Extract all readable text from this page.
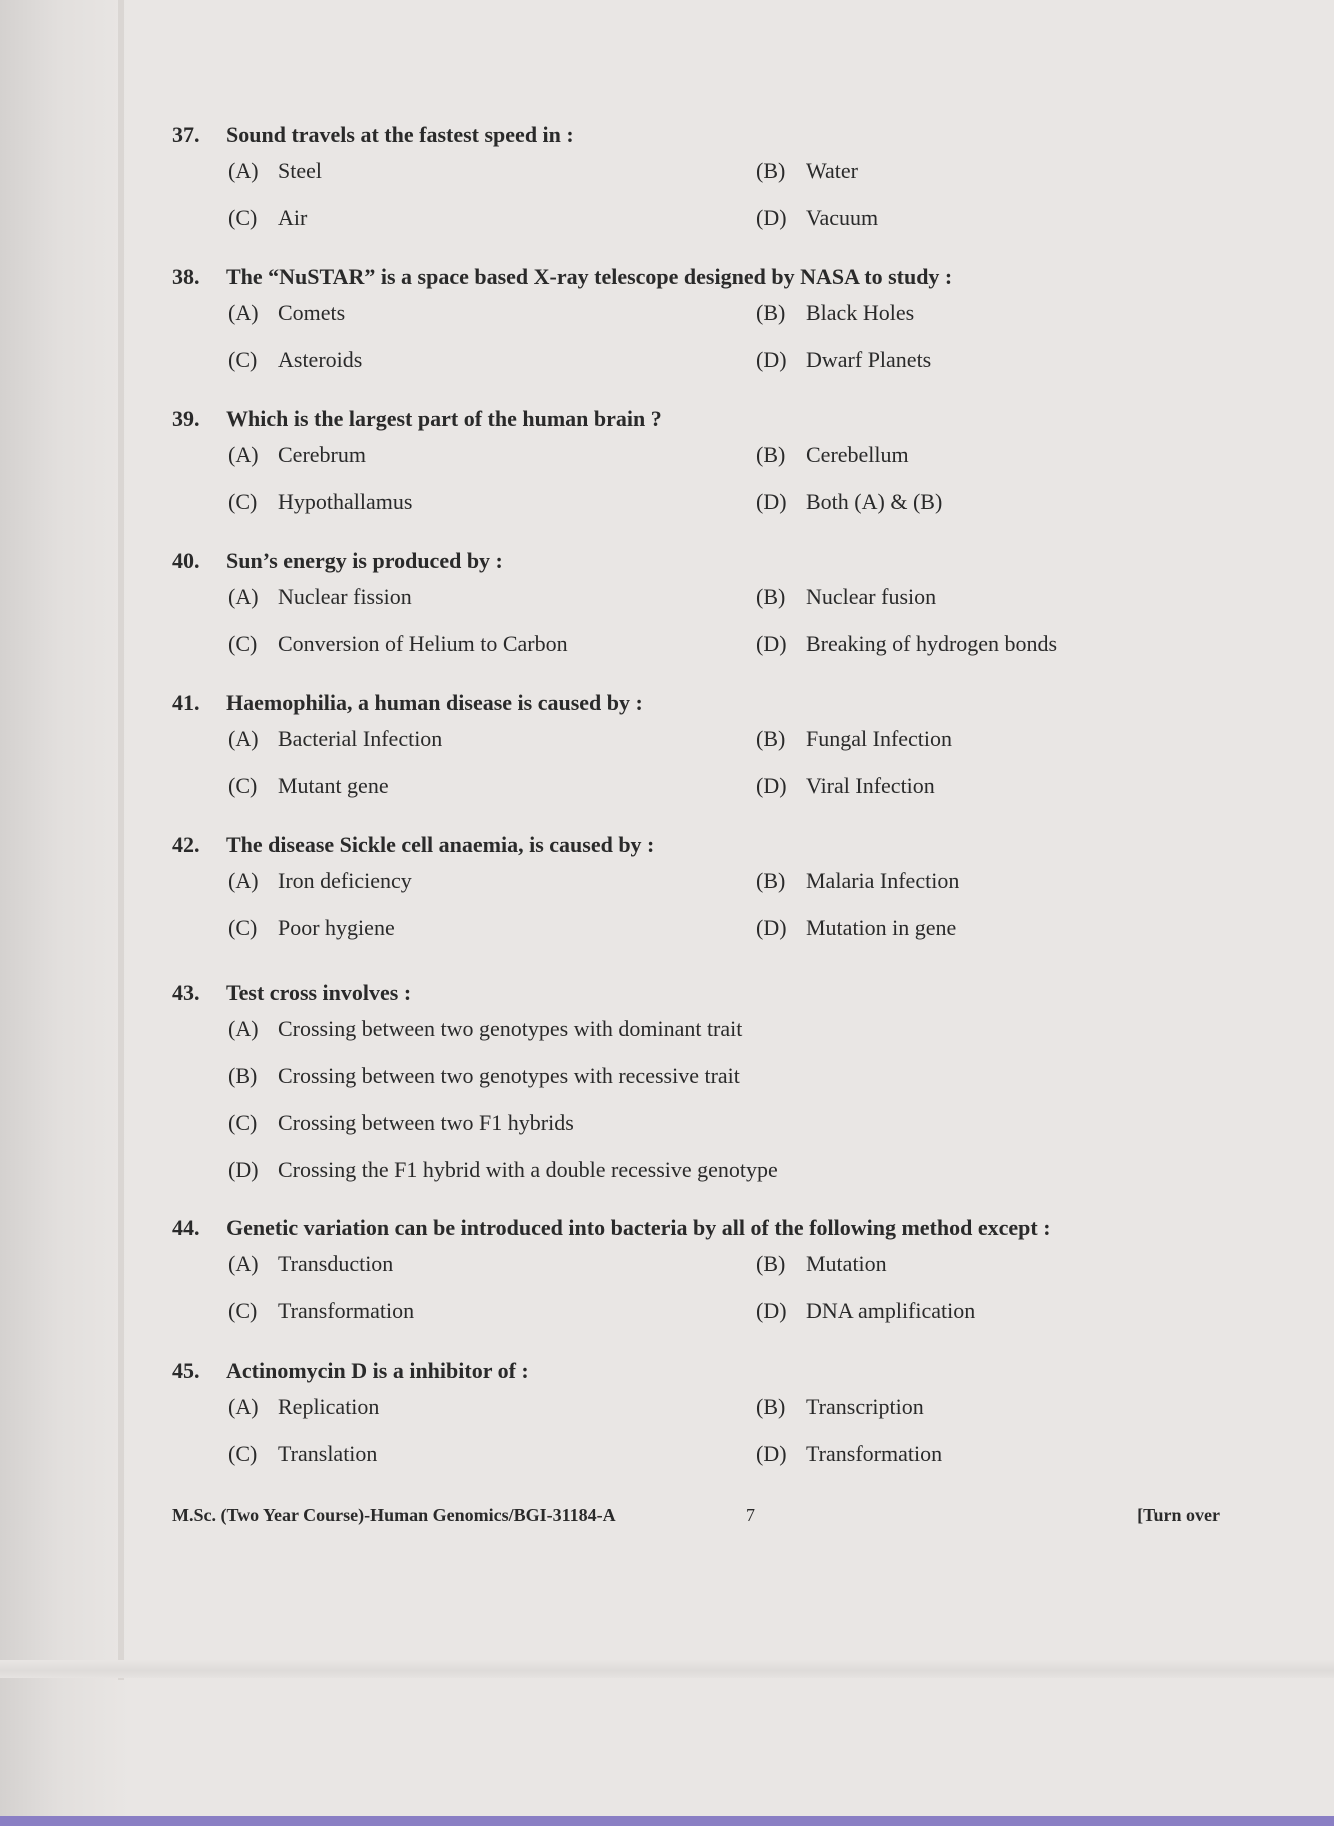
37.	Sound travels at the fastest speed in :
(A) Steel	(B) Water
(C) Air	(D) Vacuum
38.	The “NuSTAR” is a space based X-ray telescope designed by NASA to study :
(A) Comets	(B) Black Holes
(C) Asteroids	(D) Dwarf Planets
39.	Which is the largest part of the human brain ?
(A) Cerebrum	(B) Cerebellum
(C) Hypothallamus	(D) Both (A) & (B)
40.	Sun’s energy is produced by :
(A) Nuclear fission	(B) Nuclear fusion
(C) Conversion of Helium to Carbon	(D) Breaking of hydrogen bonds
41.	Haemophilia, a human disease is caused by :
(A) Bacterial Infection	(B) Fungal Infection
(C) Mutant gene	(D) Viral Infection
42.	The disease Sickle cell anaemia, is caused by :
(A) Iron deficiency	(B) Malaria Infection
(C) Poor hygiene	(D) Mutation in gene
43.	Test cross involves :
(A) Crossing between two genotypes with dominant trait
(B) Crossing between two genotypes with recessive trait
(C) Crossing between two F1 hybrids
(D) Crossing the F1 hybrid with a double recessive genotype
44.	Genetic variation can be introduced into bacteria by all of the following method except :
(A) Transduction	(B) Mutation
(C) Transformation	(D) DNA amplification
45.	Actinomycin D is a inhibitor of :
(A) Replication	(B) Transcription
(C) Translation	(D) Transformation
M.Sc. (Two Year Course)-Human Genomics/BGI-31184-A	7	[Turn over
